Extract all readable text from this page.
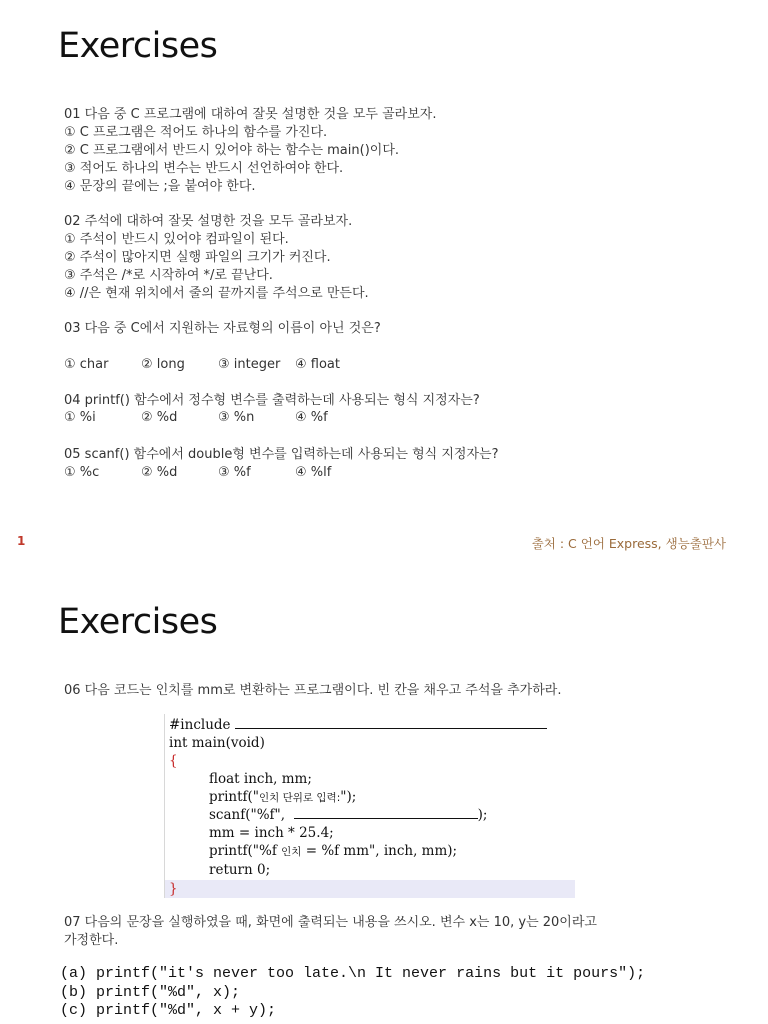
Exercises
01 다음 중 C 프로그램에 대하여 잘못 설명한 것을 모두 골라보자.
① C 프로그램은 적어도 하나의 함수를 가진다.
② C 프로그램에서 반드시 있어야 하는 함수는 main()이다.
③ 적어도 하나의 변수는 반드시 선언하여야 한다.
④ 문장의 끝에는 ;을 붙여야 한다.
02 주석에 대하여 잘못 설명한 것을 모두 골라보자.
① 주석이 반드시 있어야 컴파일이 된다.
② 주석이 많아지면 실행 파일의 크기가 커진다.
③ 주석은 /*로 시작하여 */로 끝난다.
④ //은 현재 위치에서 줄의 끝까지를 주석으로 만든다.
03 다음 중 C에서 지원하는 자료형의 이름이 아닌 것은?
① char	② long	③ integer ④ float
04 printf() 함수에서 정수형 변수를 출력하는데 사용되는 형식 지정자는?
① %i	② %d	③ %n	④ %f
05 scanf() 함수에서 double형 변수를 입력하는데 사용되는 형식 지정자는?
① %c	② %d	③ %f	④ %lf
1	출처 : C 언어 Express, 생능출판사
Exercises
06 다음 코드는 인치를 mm로 변환하는 프로그램이다. 빈 칸을 채우고 주석을 추가하라.
#include
int main(void)
{
float inch, mm;
printf("인치 단위로 입력:");
scanf("%f",	);
mm = inch * 25.4;
printf("%f 인치 = %f mm", inch, mm);
return 0;
}
07 다음의 문장을 실행하였을 때, 화면에 출력되는 내용을 쓰시오. 변수 x는 10, y는 20이라고
가정한다.
(a) printf("it's never too late.\n It never rains but it pours");
(b) printf("%d", x);
(c) printf("%d", x + y);
